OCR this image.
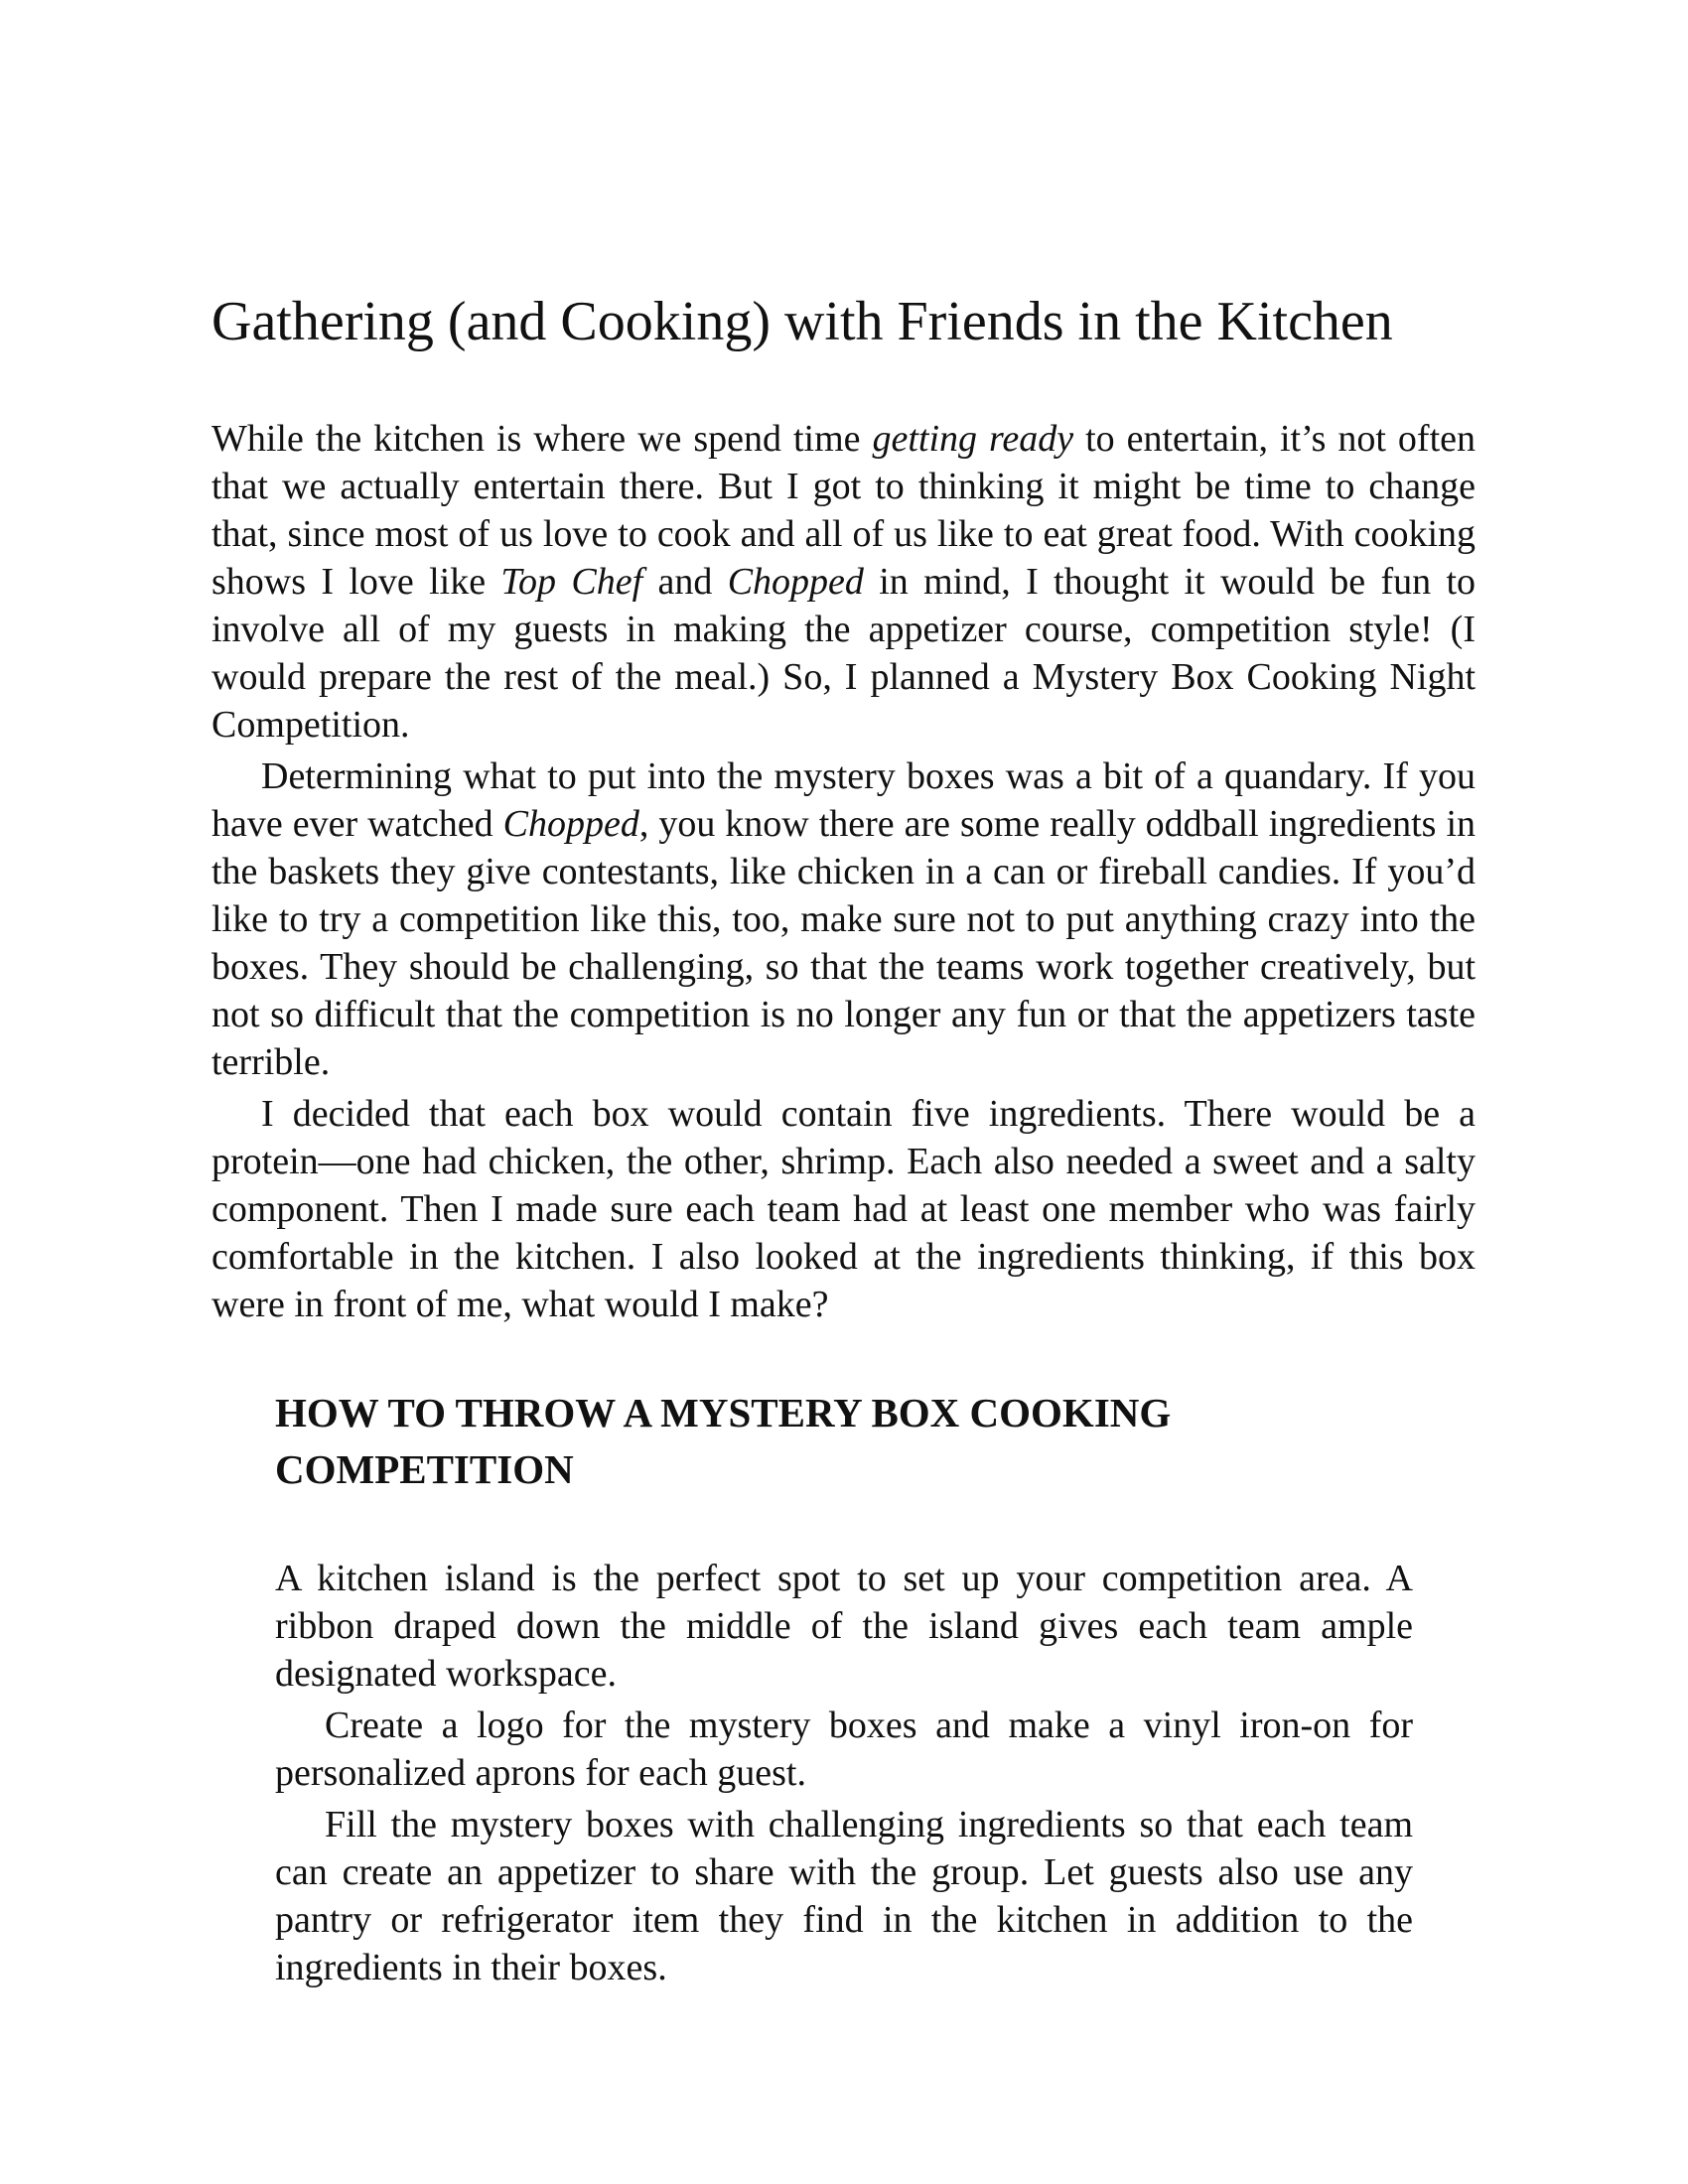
Gathering (and Cooking) with Friends in the Kitchen

While the kitchen is where we spend time getting ready to entertain, it’s not often that we actually entertain there. But I got to thinking it might be time to change that, since most of us love to cook and all of us like to eat great food. With cooking shows I love like Top Chef and Chopped in mind, I thought it would be fun to involve all of my guests in making the appetizer course, competition style! (I would prepare the rest of the meal.) So, I planned a Mystery Box Cooking Night Competition.

Determining what to put into the mystery boxes was a bit of a quandary. If you have ever watched Chopped, you know there are some really oddball ingredients in the baskets they give contestants, like chicken in a can or fireball candies. If you’d like to try a competition like this, too, make sure not to put anything crazy into the boxes. They should be challenging, so that the teams work together creatively, but not so difficult that the competition is no longer any fun or that the appetizers taste terrible.

I decided that each box would contain five ingredients. There would be a protein—one had chicken, the other, shrimp. Each also needed a sweet and a salty component. Then I made sure each team had at least one member who was fairly comfortable in the kitchen. I also looked at the ingredients thinking, if this box were in front of me, what would I make?

HOW TO THROW A MYSTERY BOX COOKING COMPETITION

A kitchen island is the perfect spot to set up your competition area. A ribbon draped down the middle of the island gives each team ample designated workspace.

Create a logo for the mystery boxes and make a vinyl iron-on for personalized aprons for each guest.

Fill the mystery boxes with challenging ingredients so that each team can create an appetizer to share with the group. Let guests also use any pantry or refrigerator item they find in the kitchen in addition to the ingredients in their boxes.
